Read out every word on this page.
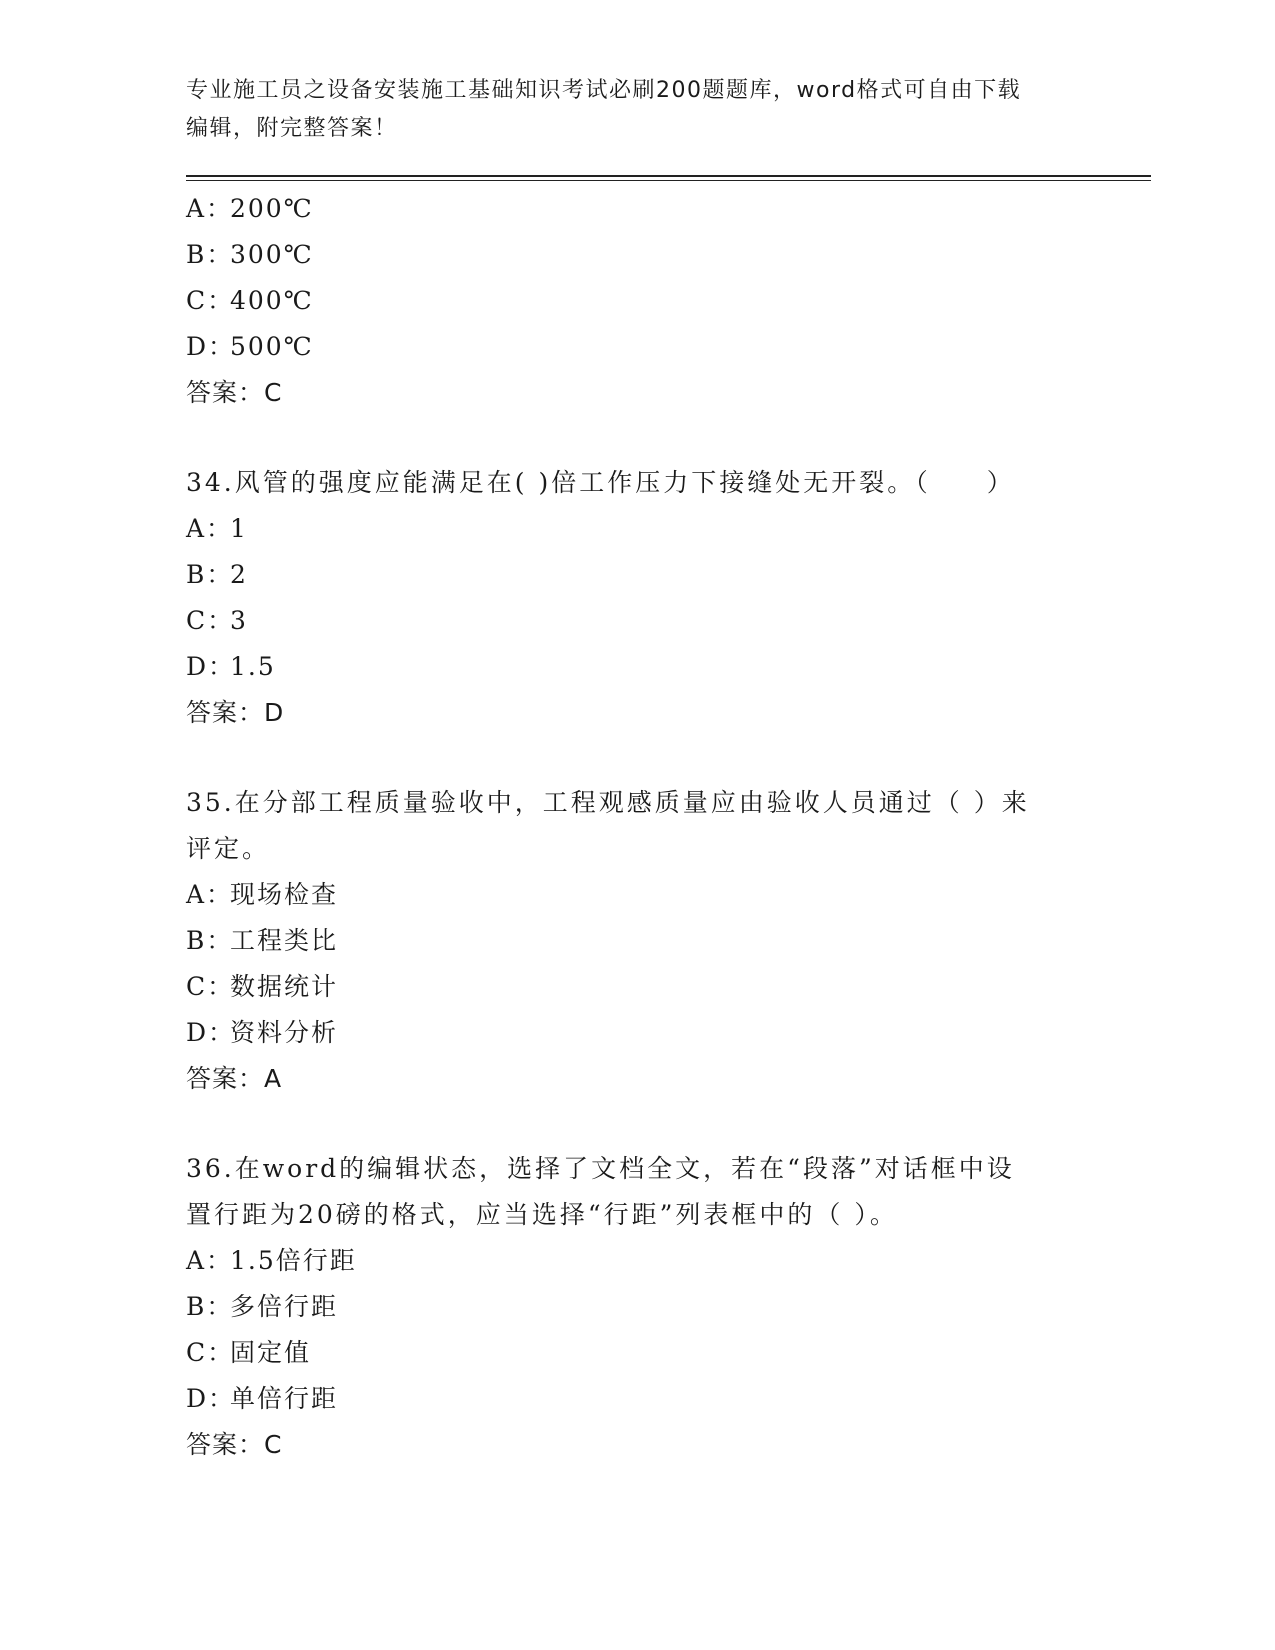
专业施工员之设备安装施工基础知识考试必刷200题题库，word格式可自由下载
编辑，附完整答案！
A：
200℃
B：
300℃
C：
400℃
D：
500℃
答案：C
34.风管的强度应能满足在( )倍工作压力下接缝处无开裂。（　　）
A：
1
B：
2
C：
3
D：
1.5
答案：D
35.在分部工程质量验收中，工程观感质量应由验收人员通过（ ）来
评定。
A：
现场检查
B：
工程类比
C：
数据统计
D：
资料分析
答案：A
36.在word的编辑状态，选择了文档全文，若在“段落”对话框中设
置行距为20磅的格式，应当选择“行距”列表框中的（ ）。
A：
1.5倍行距
B：
多倍行距
C：
固定值
D：
单倍行距
答案：C
